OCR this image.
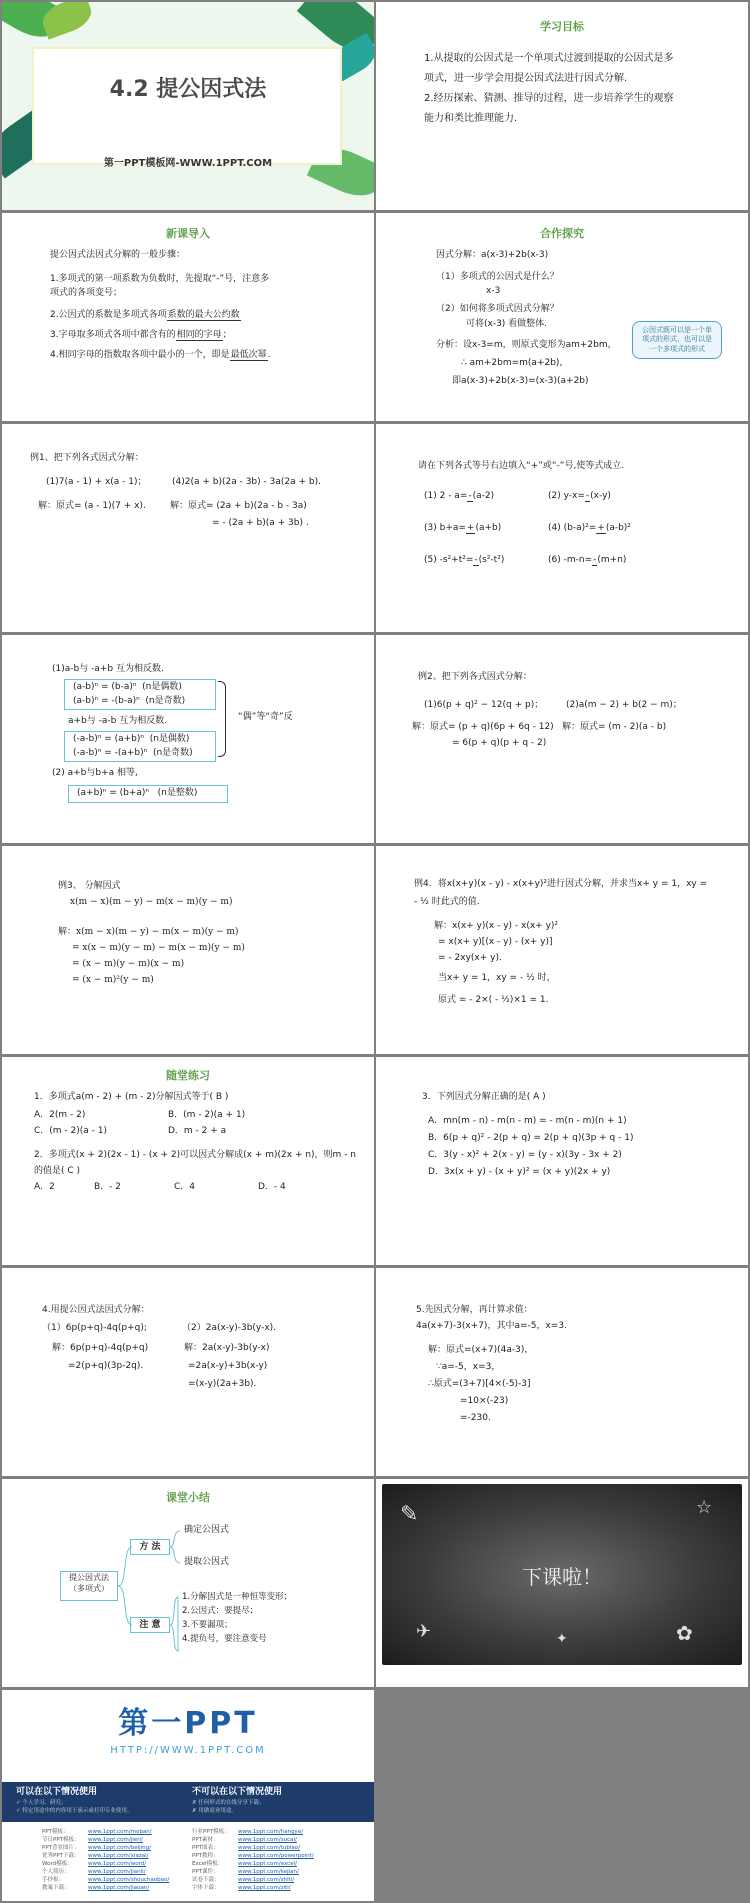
4.2 提公因式法
第一PPT模板网-WWW.1PPT.COM
学习目标
1.从提取的公因式是一个单项式过渡到提取的公因式是多
项式，进一步学会用提公因式法进行因式分解.
2.经历探索、猜测、推导的过程，进一步培养学生的观察
能力和类比推理能力.
新课导入
提公因式法因式分解的一般步骤：
1.多项式的第一项系数为负数时，先提取“-”号，注意多
项式的各项变号；
2.公因式的系数是多项式各项系数的最大公约数
3.字母取多项式各项中都含有的相同的字母；
4.相同字母的指数取各项中最小的一个，即是最低次幂.
合作探究
因式分解：a(x-3)+2b(x-3)
（1）多项式的公因式是什么？
x-3
（2）如何将多项式因式分解？
可将(x-3) 看做整体.
分析：设x-3=m，则原式变形为am+2bm，
∴ am+2bm=m(a+2b)，
即a(x-3)+2b(x-3)=(x-3)(a+2b)
公因式既可以是一个单项式的形式，也可以是一个多项式的形式
例1、把下列各式因式分解：
(1)7(a - 1) + x(a - 1)；	(4)2(a + b)(2a - 3b) - 3a(2a + b).
解：原式= (a - 1)(7 + x).	解：原式= (2a + b)(2a - b - 3a)
= - (2a + b)(a + 3b) .
请在下列各式等号右边填入“+”或“-”号,使等式成立.
(1) 2 - a=-(a-2)	(2) y-x=-(x-y)
(3) b+a=+(a+b)	(4) (b-a)²=+(a-b)²
(5) -s²+t²=-(s²-t²)	(6) -m-n=-(m+n)
(1)a-b与 -a+b 互为相反数.
(a-b)ⁿ = (b-a)ⁿ (n是偶数)
(a-b)ⁿ = -(b-a)ⁿ (n是奇数)
a+b与 -a-b 互为相反数.
(-a-b)ⁿ = (a+b)ⁿ (n是偶数)
(-a-b)ⁿ = -(a+b)ⁿ (n是奇数)
“偶”等“奇”反
(2) a+b与b+a 相等,
(a+b)ⁿ = (b+a)ⁿ (n是整数)
例2、把下列各式因式分解：
(1)6(p + q)² − 12(q + p)；	(2)a(m − 2) + b(2 − m)；
解：原式= (p + q)(6p + 6q - 12) 解：原式= (m - 2)(a - b)
= 6(p + q)(p + q - 2)
例3、 分解因式
x(m − x)(m − y) − m(x − m)(y − m)
解：x(m − x)(m − y) − m(x − m)(y − m)
= x(x − m)(y − m) − m(x − m)(y − m)
= (x − m)(y − m)(x − m)
= (x − m)²(y − m)
例4．将x(x+y)(x - y) - x(x+y)²进行因式分解，并求当x+ y = 1，xy =
- ½ 时此式的值．
解：x(x+ y)(x - y) - x(x+ y)²
= x(x+ y)[(x - y) - (x+ y)]
= - 2xy(x+ y)．
当x+ y = 1，xy = - ½ 时，
原式 = - 2×( - ½)×1 = 1.
随堂练习
1．多项式a(m - 2) + (m - 2)分解因式等于( B )
A．2(m - 2)	B．(m - 2)(a + 1)
C．(m - 2)(a - 1)	D．m - 2 + a
2．多项式(x + 2)(2x - 1) - (x + 2)可以因式分解成(x + m)(2x + n)，则m - n
的值是( C )
A．2	B．- 2	C．4	D．- 4
3．下列因式分解正确的是( A )
A．mn(m - n) - m(n - m) = - m(n - m)(n + 1)
B．6(p + q)² - 2(p + q) = 2(p + q)(3p + q - 1)
C．3(y - x)² + 2(x - y) = (y - x)(3y - 3x + 2)
D．3x(x + y) - (x + y)² = (x + y)(2x + y)
4.用提公因式法因式分解：
（1）6p(p+q)-4q(p+q);	（2）2a(x-y)-3b(y-x).
解：6p(p+q)-4q(p+q)
=2(p+q)(3p-2q).
解：2a(x-y)-3b(y-x)
=2a(x-y)+3b(x-y)
=(x-y)(2a+3b).
5.先因式分解，再计算求值：
4a(x+7)-3(x+7)，其中a=-5，x=3.
解：原式=(x+7)(4a-3)，
∵a=-5，x=3，
∴原式=(3+7)[4×(-5)-3]
=10×(-23)
=-230.
课堂小结
提公因式法
（多项式）
方 法
确定公因式
提取公因式
注 意
1.分解因式是一种恒等变形；
2.公因式：要提尽；
3.不要漏项；
4.提负号，要注意变号
✎	☆
✈	✿
✦
下课啦！
第一PPT
HTTP://WWW.1PPT.COM
可以在以下情况使用
✓ 个人学习、研究；
✓ 特定用途中的内容用于演示或打印专业使用。
不可以在以下情况使用
✗ 任何形式的在线分享下载；
✗ 用做商业用途。
PPT模板：	www.1ppt.com/moban/
节日PPT模板： www.1ppt.com/jieri/
PPT背景图片： www.1ppt.com/beijing/
优秀PPT下载： www.1ppt.com/xiazai/
Word模板：	www.1ppt.com/word/
个人简历：	www.1ppt.com/jianli/
手抄报：	www.1ppt.com/shouchaobao/
教案下载：	www.1ppt.com/jiaoan/
行业PPT模板： www.1ppt.com/hangye/
PPT素材：	www.1ppt.com/sucai/
PPT图表：	www.1ppt.com/tubiao/
PPT教程：	www.1ppt.com/powerpoint/
Excel模板：	www.1ppt.com/excel/
PPT课件：	www.1ppt.com/kejian/
试卷下载：	www.1ppt.com/shiti/
字体下载：	www.1ppt.com/ziti/
